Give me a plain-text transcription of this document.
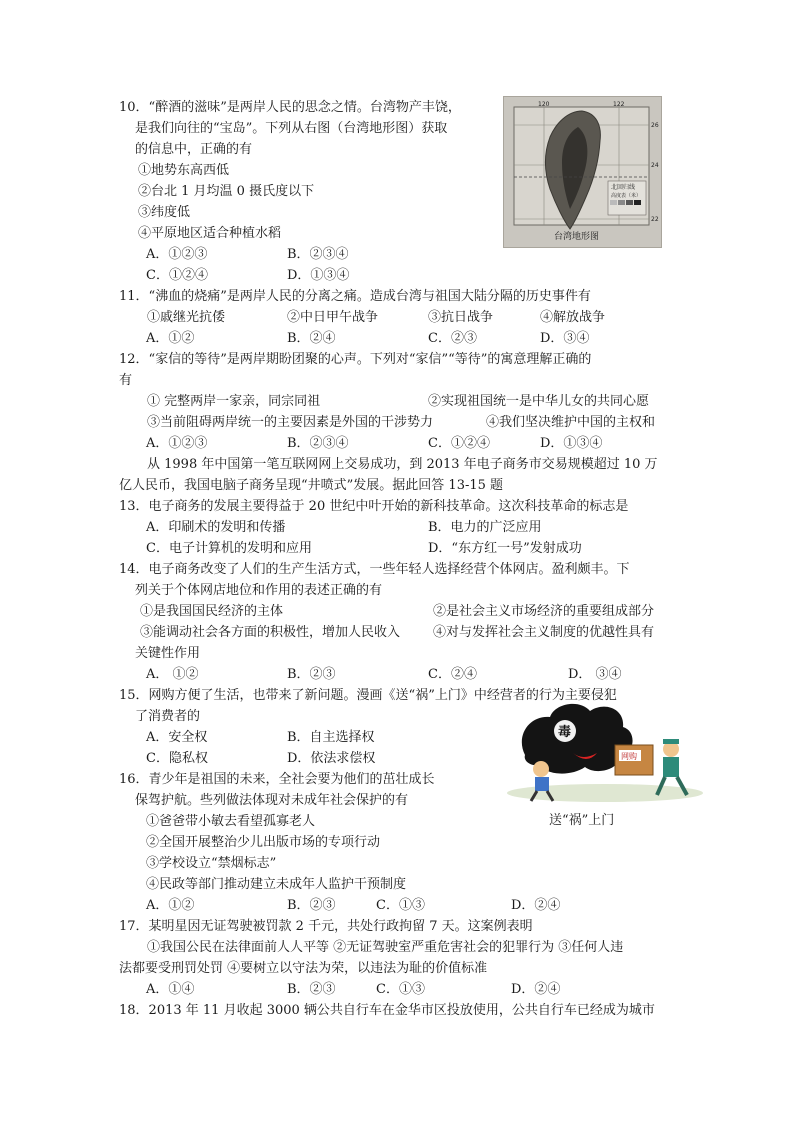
10．“醉酒的滋味”是两岸人民的思念之情。台湾物产丰饶，
是我们向往的“宝岛”。下列从右图（台湾地形图）获取
的信息中，正确的有
①地势东高西低
②台北 1 月均温 0 摄氏度以下
③纬度低
④平原地区适合种植水稻
A．①②③	B．②③④
C．①②④	D．①③④
11．“沸血的烧痛”是两岸人民的分离之痛。造成台湾与祖国大陆分隔的历史事件有
①戚继光抗倭	②中日甲午战争	③抗日战争	④解放战争
A．①②	B．②④	C．②③	D．③④
12．“家信的等待”是两岸期盼团聚的心声。下列对“家信”“等待”的寓意理解正确的
有
① 完整两岸一家亲，同宗同祖	②实现祖国统一是中华儿女的共同心愿
③当前阻碍两岸统一的主要因素是外国的干涉势力	④我们坚决维护中国的主权和
A．①②③	B．②③④	C．①②④	D．①③④
从 1998 年中国第一笔互联网网上交易成功，到 2013 年电子商务市交易规模超过 10 万
亿人民币，我国电脑子商务呈现“井喷式”发展。据此回答 13-15 题
13．电子商务的发展主要得益于 20 世纪中叶开始的新科技革命。这次科技革命的标志是
A．印刷术的发明和传播	B．电力的广泛应用
C．电子计算机的发明和应用	D．“东方红一号”发射成功
14．电子商务改变了人们的生产生活方式，一些年轻人选择经营个体网店。盈利颇丰。下
列关于个体网店地位和作用的表述正确的有
①是我国国民经济的主体	②是社会主义市场经济的重要组成部分
③能调动社会各方面的积极性，增加人民收入	④对与发挥社会主义制度的优越性具有
关键性作用
A． ①②	B．②③	C．②④	D． ③④
15．网购方便了生活，也带来了新问题。漫画《送“祸”上门》中经营者的行为主要侵犯
了消费者的
A．安全权	B．自主选择权
C．隐私权	D．依法求偿权
16．青少年是祖国的未来，全社会要为他们的茁壮成长
保驾护航。些列做法体现对未成年社会保护的有
①爸爸带小敏去看望孤寡老人
②全国开展整治少儿出版市场的专项行动
③学校设立“禁烟标志”
④民政等部门推动建立未成年人监护干预制度
A．①②	B．②③	C．①③	D．②④
17．某明星因无证驾驶被罚款 2 千元，共处行政拘留 7 天。这案例表明
①我国公民在法律面前人人平等 ②无证驾驶室严重危害社会的犯罪行为 ③任何人违
法都要受刑罚处罚 ④要树立以守法为荣，以违法为耻的价值标准
A．①④	B．②③	C．①③	D．②④
18．2013 年 11 月收起 3000 辆公共自行车在金华市区投放使用，公共自行车已经成为城市
北回归线
高度表（米）
120	122
26
24
22
台湾地形图
毒
网购
送“祸”上门
